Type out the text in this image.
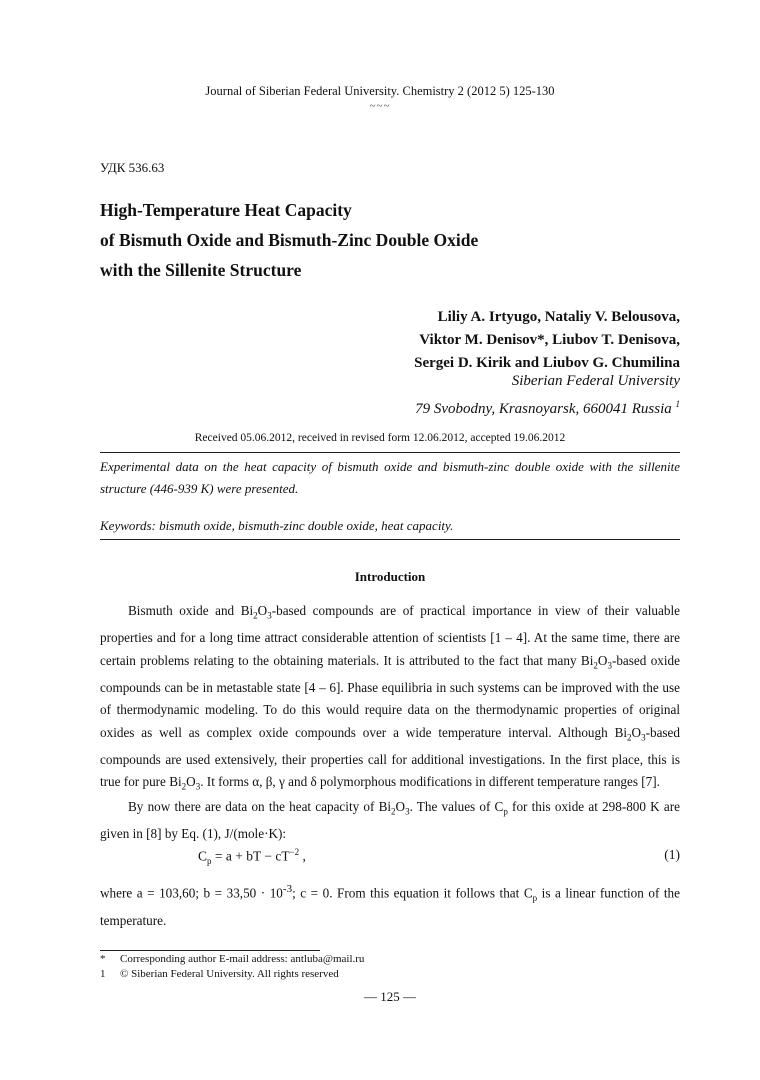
Journal of Siberian Federal University. Chemistry 2 (2012 5) 125-130
~~~
УДК 536.63
High-Temperature Heat Capacity
of Bismuth Oxide and Bismuth-Zinc Double Oxide
with the Sillenite Structure
Liliy A. Irtyugo, Nataliy V. Belousova,
Viktor M. Denisov*, Liubov T. Denisova,
Sergei D. Kirik and Liubov G. Chumilina
Siberian Federal University
79 Svobodny, Krasnoyarsk, 660041 Russia $^1$
Received 05.06.2012, received in revised form 12.06.2012, accepted 19.06.2012
Experimental data on the heat capacity of bismuth oxide and bismuth-zinc double oxide with the sillenite structure (446-939 K) were presented.
Keywords: bismuth oxide, bismuth-zinc double oxide, heat capacity.
Introduction
Bismuth oxide and $Bi_2O_3$-based compounds are of practical importance in view of their valuable properties and for a long time attract considerable attention of scientists [1 – 4]. At the same time, there are certain problems relating to the obtaining materials. It is attributed to the fact that many $Bi_2O_3$-based oxide compounds can be in metastable state [4 – 6]. Phase equilibria in such systems can be improved with the use of thermodynamic modeling. To do this would require data on the thermodynamic properties of original oxides as well as complex oxide compounds over a wide temperature interval. Although $Bi_2O_3$-based compounds are used extensively, their properties call for additional investigations. In the first place, this is true for pure $Bi_2O_3$. It forms α, β, γ and δ polymorphous modifications in different temperature ranges [7].
By now there are data on the heat capacity of $Bi_2O_3$. The values of $C_p$ for this oxide at 298-800 K are given in [8] by Eq. (1), J/(mole·K):
$C_p = a$ + bT − $cT^{-2}$ ,	(1)
where a = 103,60; $b = 33,50 \cdot 10^{-3}$; c = 0. From this equation it follows that $C_p$ is a linear function of the temperature.
* Corresponding author E-mail address: antluba@mail.ru
1 © Siberian Federal University. All rights reserved
— 125 —
